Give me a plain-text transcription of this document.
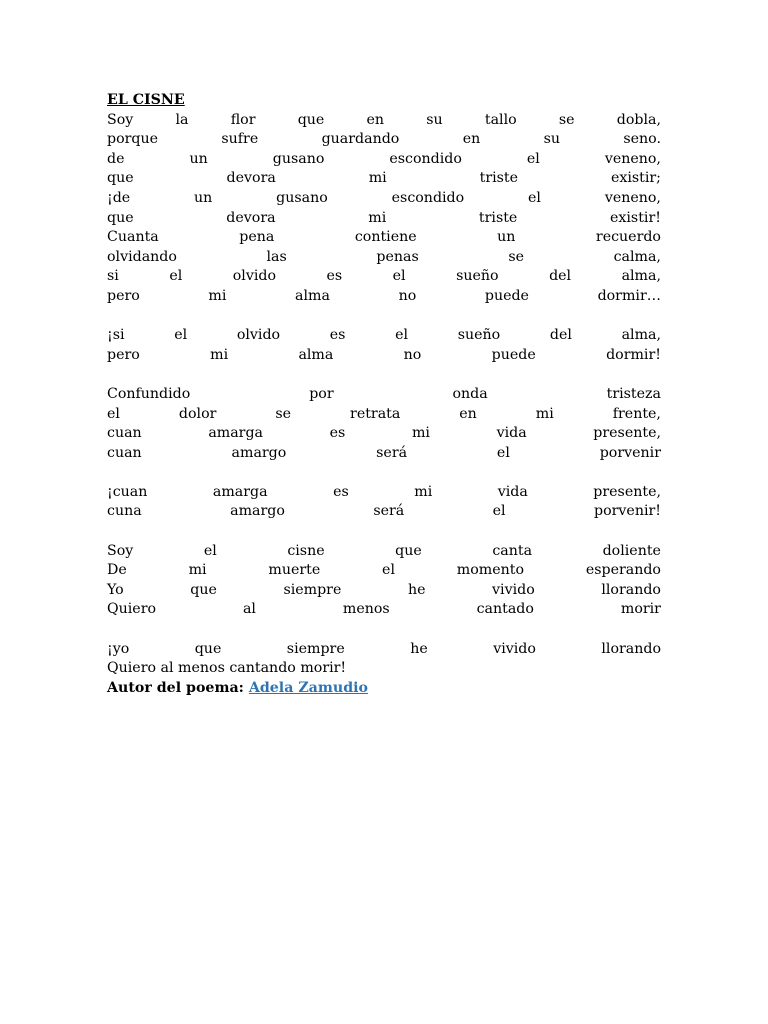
EL CISNE
Soy	la	flor	que	en	su	tallo	se	dobla,
porque	sufre	guardando	en	su	seno.
de	un	gusano	escondido	el	veneno,
que	devora	mi	triste	existir;
¡de	un	gusano	escondido	el	veneno,
que	devora	mi	triste	existir!
Cuanta	pena	contiene	un	recuerdo
olvidando	las	penas	se	calma,
si	el	olvido	es	el	sueño	del	alma,
pero	mi	alma	no	puede	dormir…
¡si	el	olvido	es	el	sueño	del	alma,
pero	mi	alma	no	puede	dormir!
Confundido	por	onda	tristeza
el	dolor	se	retrata	en	mi	frente,
cuan	amarga	es	mi	vida	presente,
cuan	amargo	será	el	porvenir
¡cuan	amarga	es	mi	vida	presente,
cuna	amargo	será	el	porvenir!
Soy	el	cisne	que	canta	doliente
De	mi	muerte	el	momento	esperando
Yo	que	siempre	he	vivido	llorando
Quiero	al	menos	cantado	morir
¡yo	que	siempre	he	vivido	llorando
Quiero al menos cantando morir!
Autor del poema: Adela Zamudio
